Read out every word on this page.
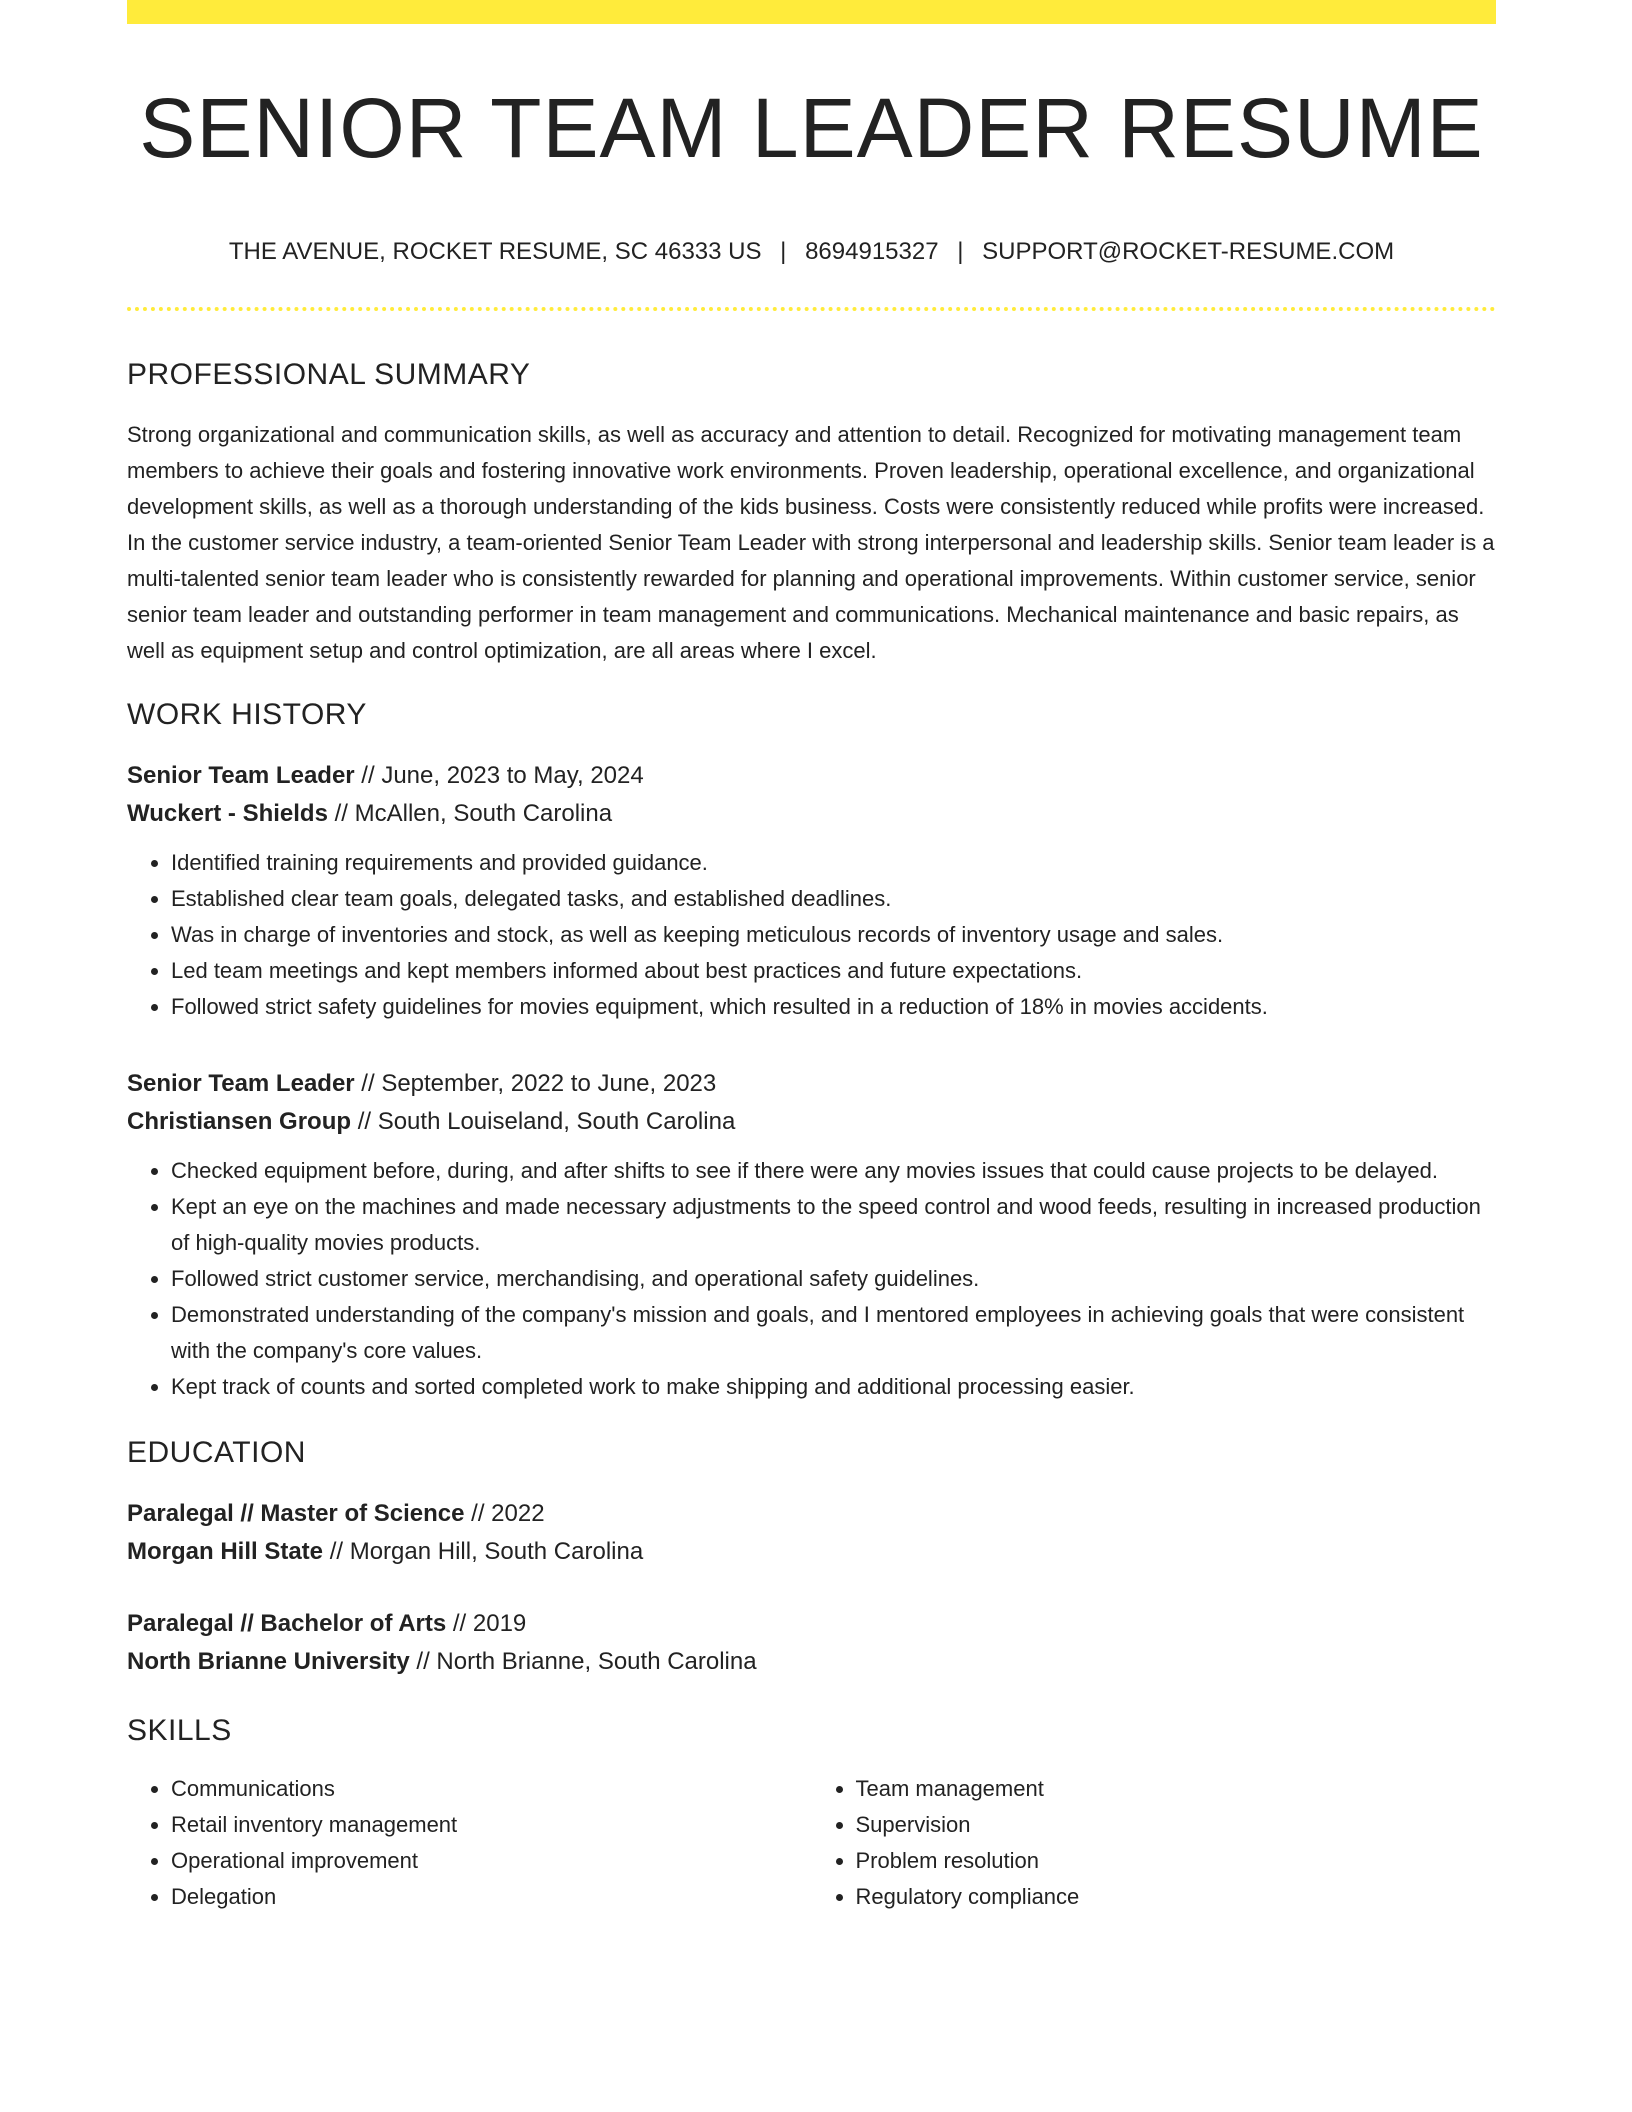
SENIOR TEAM LEADER RESUME
THE AVENUE, ROCKET RESUME, SC 46333 US | 8694915327 | SUPPORT@ROCKET-RESUME.COM
PROFESSIONAL SUMMARY

Strong organizational and communication skills, as well as accuracy and attention to detail. Recognized for motivating management team members to achieve their goals and fostering innovative work environments. Proven leadership, operational excellence, and organizational development skills, as well as a thorough understanding of the kids business. Costs were consistently reduced while profits were increased. In the customer service industry, a team-oriented Senior Team Leader with strong interpersonal and leadership skills. Senior team leader is a multi-talented senior team leader who is consistently rewarded for planning and operational improvements. Within customer service, senior senior team leader and outstanding performer in team management and communications. Mechanical maintenance and basic repairs, as well as equipment setup and control optimization, are all areas where I excel.

WORK HISTORY
Senior Team Leader // June, 2023 to May, 2024
Wuckert - Shields // McAllen, South Carolina
• Identified training requirements and provided guidance.
• Established clear team goals, delegated tasks, and established deadlines.
• Was in charge of inventories and stock, as well as keeping meticulous records of inventory usage and sales.
• Led team meetings and kept members informed about best practices and future expectations.
• Followed strict safety guidelines for movies equipment, which resulted in a reduction of 18% in movies accidents.
Senior Team Leader // September, 2022 to June, 2023
Christiansen Group // South Louiseland, South Carolina
• Checked equipment before, during, and after shifts to see if there were any movies issues that could cause projects to be delayed.
• Kept an eye on the machines and made necessary adjustments to the speed control and wood feeds, resulting in increased production of high-quality movies products.
• Followed strict customer service, merchandising, and operational safety guidelines.
• Demonstrated understanding of the company's mission and goals, and I mentored employees in achieving goals that were consistent with the company's core values.
• Kept track of counts and sorted completed work to make shipping and additional processing easier.
EDUCATION
Paralegal // Master of Science // 2022
Morgan Hill State // Morgan Hill, South Carolina
Paralegal // Bachelor of Arts // 2019
North Brianne University // North Brianne, South Carolina
SKILLS
• Communications
• Retail inventory management
• Operational improvement
• Delegation
• Team management
• Supervision
• Problem resolution
• Regulatory compliance
